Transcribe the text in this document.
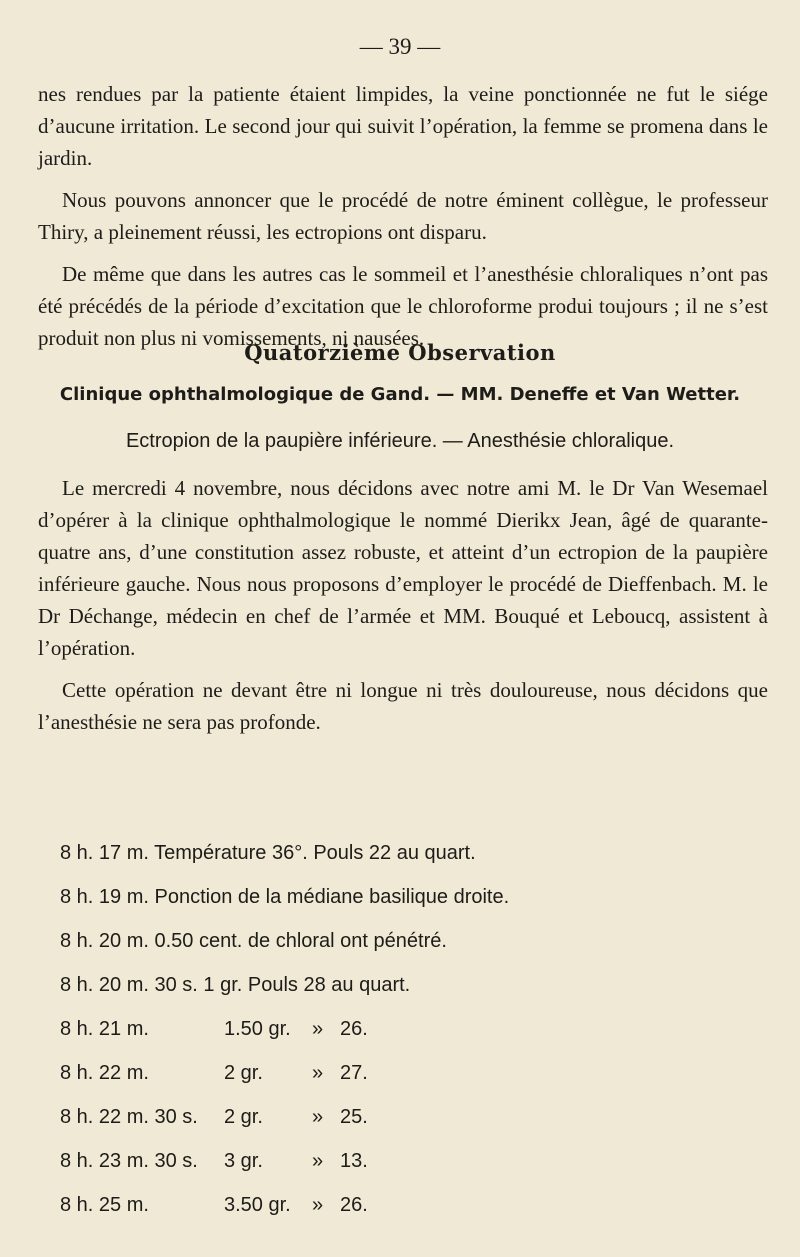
— 39 —

nes rendues par la patiente étaient limpides, la veine ponctionnée ne fut le siége d’aucune irritation. Le second jour qui suivit l’opération, la femme se promena dans le jardin.

Nous pouvons annoncer que le procédé de notre éminent collègue, le professeur Thiry, a pleinement réussi, les ectropions ont disparu.

De même que dans les autres cas le sommeil et l’anesthésie chloraliques n’ont pas été précédés de la période d’excitation que le chloroforme produi toujours ; il ne s’est produit non plus ni vomissements, ni nausées.

Quatorzième Observation
Clinique ophthalmologique de Gand. — MM. Deneffe et Van Wetter.
Ectropion de la paupière inférieure. — Anesthésie chloralique.

Le mercredi 4 novembre, nous décidons avec notre ami M. le Dr Van Wesemael d’opérer à la clinique ophthalmologique le nommé Dierikx Jean, âgé de quarante-quatre ans, d’une constitution assez robuste, et atteint d’un ectropion de la paupière inférieure gauche. Nous nous proposons d’employer le procédé de Dieffenbach. M. le Dr Déchange, médecin en chef de l’armée et MM. Bouqué et Leboucq, assistent à l’opération.

Cette opération ne devant être ni longue ni très douloureuse, nous décidons que l’anesthésie ne sera pas profonde.

8 h. 17 m. Température 36°. Pouls 22 au quart.
8 h. 19 m. Ponction de la médiane basilique droite.
8 h. 20 m. 0.50 cent. de chloral ont pénétré.
8 h. 20 m. 30 s. 1 gr. Pouls 28 au quart.
8 h. 21 m.	1.50 gr. » 26.
8 h. 22 m.	2 gr. » 27.
8 h. 22 m. 30 s. 2 gr. » 25.
8 h. 23 m. 30 s. 3 gr. » 13.
8 h. 25 m.	3.50 gr. » 26.
